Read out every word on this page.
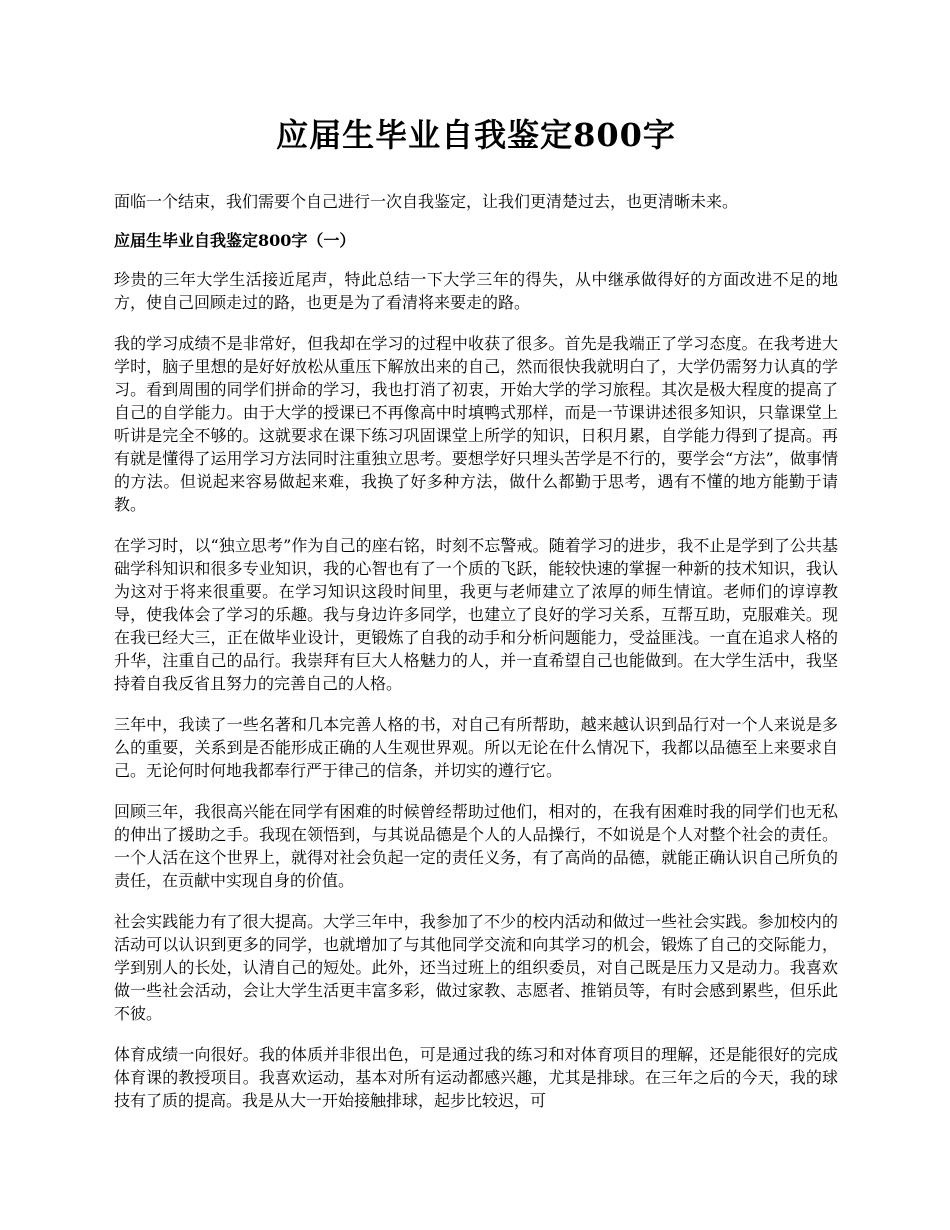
应届生毕业自我鉴定800字

面临一个结束，我们需要个自己进行一次自我鉴定，让我们更清楚过去，也更清晰未来。

应届生毕业自我鉴定800字（一）

珍贵的三年大学生活接近尾声，特此总结一下大学三年的得失，从中继承做得好的方面改进不足的地方，使自己回顾走过的路，也更是为了看清将来要走的路。

我的学习成绩不是非常好，但我却在学习的过程中收获了很多。首先是我端正了学习态度。在我考进大学时，脑子里想的是好好放松从重压下解放出来的自己，然而很快我就明白了，大学仍需努力认真的学习。看到周围的同学们拼命的学习，我也打消了初衷，开始大学的学习旅程。其次是极大程度的提高了自己的自学能力。由于大学的授课已不再像高中时填鸭式那样，而是一节课讲述很多知识，只靠课堂上听讲是完全不够的。这就要求在课下练习巩固课堂上所学的知识，日积月累，自学能力得到了提高。再有就是懂得了运用学习方法同时注重独立思考。要想学好只埋头苦学是不行的，要学会“方法”，做事情的方法。但说起来容易做起来难，我换了好多种方法，做什么都勤于思考，遇有不懂的地方能勤于请教。

在学习时，以“独立思考”作为自己的座右铭，时刻不忘警戒。随着学习的进步，我不止是学到了公共基础学科知识和很多专业知识，我的心智也有了一个质的飞跃，能较快速的掌握一种新的技术知识，我认为这对于将来很重要。在学习知识这段时间里，我更与老师建立了浓厚的师生情谊。老师们的谆谆教导，使我体会了学习的乐趣。我与身边许多同学，也建立了良好的学习关系，互帮互助，克服难关。现在我已经大三，正在做毕业设计，更锻炼了自我的动手和分析问题能力，受益匪浅。一直在追求人格的升华，注重自己的品行。我崇拜有巨大人格魅力的人，并一直希望自己也能做到。在大学生活中，我坚持着自我反省且努力的完善自己的人格。

三年中，我读了一些名著和几本完善人格的书，对自己有所帮助，越来越认识到品行对一个人来说是多么的重要，关系到是否能形成正确的人生观世界观。所以无论在什么情况下，我都以品德至上来要求自己。无论何时何地我都奉行严于律己的信条，并切实的遵行它。

回顾三年，我很高兴能在同学有困难的时候曾经帮助过他们，相对的，在我有困难时我的同学们也无私的伸出了援助之手。我现在领悟到，与其说品德是个人的人品操行，不如说是个人对整个社会的责任。一个人活在这个世界上，就得对社会负起一定的责任义务，有了高尚的品德，就能正确认识自己所负的责任，在贡献中实现自身的价值。

社会实践能力有了很大提高。大学三年中，我参加了不少的校内活动和做过一些社会实践。参加校内的活动可以认识到更多的同学，也就增加了与其他同学交流和向其学习的机会，锻炼了自己的交际能力，学到别人的长处，认清自己的短处。此外，还当过班上的组织委员，对自己既是压力又是动力。我喜欢做一些社会活动，会让大学生活更丰富多彩，做过家教、志愿者、推销员等，有时会感到累些，但乐此不彼。

体育成绩一向很好。我的体质并非很出色，可是通过我的练习和对体育项目的理解，还是能很好的完成体育课的教授项目。我喜欢运动，基本对所有运动都感兴趣，尤其是排球。在三年之后的今天，我的球技有了质的提高。我是从大一开始接触排球，起步比较迟，可
